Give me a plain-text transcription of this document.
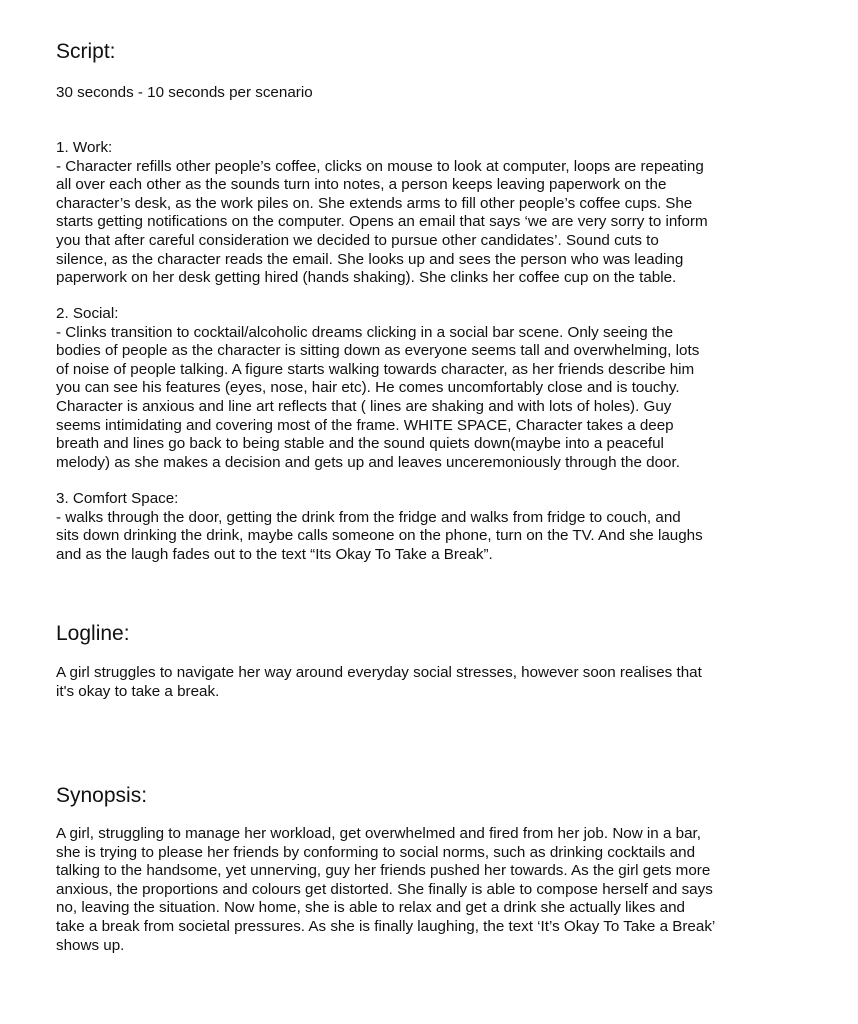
Script:

30 seconds - 10 seconds per scenario

1. Work:

- Character refills other people’s coffee, clicks on mouse to look at computer, loops are repeating
all over each other as the sounds turn into notes, a person keeps leaving paperwork on the
character’s desk, as the work piles on. She extends arms to fill other people’s coffee cups. She
starts getting notifications on the computer. Opens an email that says ‘we are very sorry to inform
you that after careful consideration we decided to pursue other candidates’. Sound cuts to
silence, as the character reads the email. She looks up and sees the person who was leading
paperwork on her desk getting hired (hands shaking). She clinks her coffee cup on the table.

2. Social:

- Clinks transition to cocktail/alcoholic dreams clicking in a social bar scene. Only seeing the
bodies of people as the character is sitting down as everyone seems tall and overwhelming, lots
of noise of people talking. A figure starts walking towards character, as her friends describe him
you can see his features (eyes, nose, hair etc). He comes uncomfortably close and is touchy.
Character is anxious and line art reflects that ( lines are shaking and with lots of holes). Guy
seems intimidating and covering most of the frame. WHITE SPACE, Character takes a deep
breath and lines go back to being stable and the sound quiets down(maybe into a peaceful
melody) as she makes a decision and gets up and leaves unceremoniously through the door.

3. Comfort Space:

- walks through the door, getting the drink from the fridge and walks from fridge to couch, and
sits down drinking the drink, maybe calls someone on the phone, turn on the TV. And she laughs
and as the laugh fades out to the text “Its Okay To Take a Break”.

Logline:

A girl struggles to navigate her way around everyday social stresses, however soon realises that
it's okay to take a break.

Synopsis:

A girl, struggling to manage her workload, get overwhelmed and fired from her job. Now in a bar,
she is trying to please her friends by conforming to social norms, such as drinking cocktails and
talking to the handsome, yet unnerving, guy her friends pushed her towards. As the girl gets more
anxious, the proportions and colours get distorted. She finally is able to compose herself and says
no, leaving the situation. Now home, she is able to relax and get a drink she actually likes and
take a break from societal pressures. As she is finally laughing, the text ‘It’s Okay To Take a Break’
shows up.
